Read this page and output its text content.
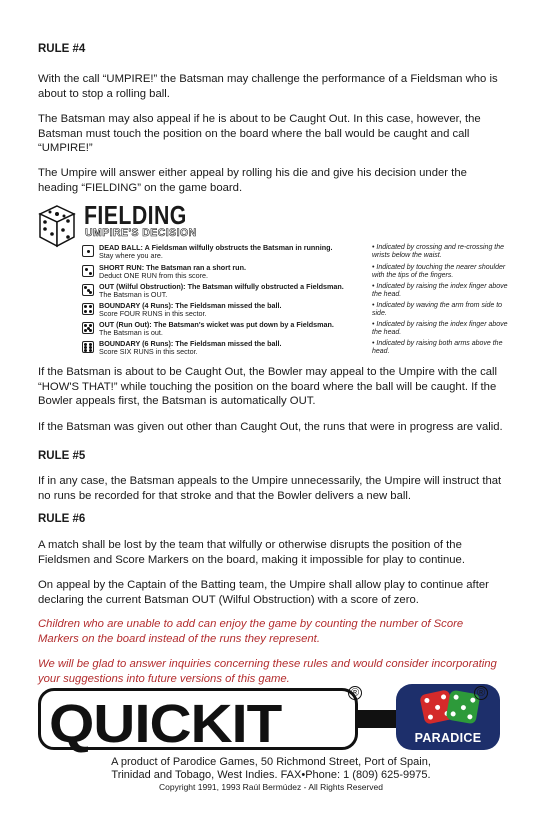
RULE #4
With the call “UMPIRE!” the Batsman may challenge the performance of a Fieldsman who is about to stop a rolling ball.
The Batsman may also appeal if he is about to be Caught Out. In this case, however, the Batsman must touch the position on the board where the ball would be caught and call “UMPIRE!”
The Umpire will answer either appeal by rolling his die and give his decision under the heading “FIELDING” on the game board.
FIELDING
UMPIRE'S DECISION
DEAD BALL: A Fieldsman wilfully obstructs the Batsman in running.
Stay where you are.
• Indicated by crossing and re-crossing the wrists below the waist.
SHORT RUN: The Batsman ran a short run.
Deduct ONE RUN from this score.
• Indicated by touching the nearer shoulder with the tips of the fingers.
OUT (Wilful Obstruction): The Batsman wilfully obstructed a Fieldsman.
The Batsman is OUT.
• Indicated by raising the index finger above the head.
BOUNDARY (4 Runs): The Fieldsman missed the ball.
Score FOUR RUNS in this sector.
• Indicated by waving the arm from side to side.
OUT (Run Out): The Batsman's wicket was put down by a Fieldsman.
The Batsman is out.
• Indicated by raising the index finger above the head.
BOUNDARY (6 Runs): The Fieldsman missed the ball.
Score SIX RUNS in this sector.
• Indicated by raising both arms above the head.
If the Batsman is about to be Caught Out, the Bowler may appeal to the Umpire with the call “HOW'S THAT!” while touching the position on the board where the ball will be caught. If the Bowler appeals first, the Batsman is automatically OUT.
If the Batsman was given out other than Caught Out, the runs that were in progress are valid.
RULE #5
If in any case, the Batsman appeals to the Umpire unnecessarily, the Umpire will instruct that no runs be recorded for that stroke and that the Bowler delivers a new ball.
RULE #6
A match shall be lost by the team that wilfully or otherwise disrupts the position of the Fieldsmen and Score Markers on the board, making it impossible for play to continue.
On appeal by the Captain of the Batting team, the Umpire shall allow play to continue after declaring the current Batsman OUT (Wilful Obstruction) with a score of zero.
Children who are unable to add can enjoy the game by counting the number of Score Markers on the board instead of the runs they represent.
We will be glad to answer inquiries concerning these rules and would consider incorporating your suggestions into future versions of this game.
QUICKIT
®
PARADICE
®
A product of Parodice Games, 50 Richmond Street, Port of Spain,
Trinidad and Tobago, West Indies. FAX•Phone: 1 (809) 625-9975.
Copyright 1991, 1993 Raúl Bermúdez - All Rights Reserved
